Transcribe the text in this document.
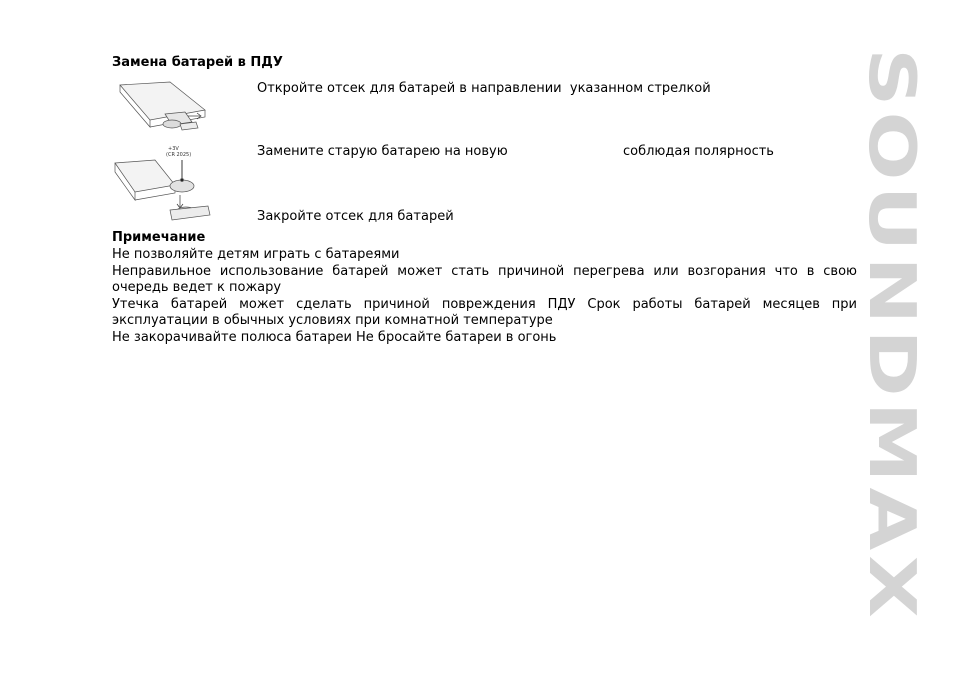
Замена батарей в ПДУ
+3V
(CR 2025)
Откройте отсек для батарей в направлении  указанном стрелкой
Замените старую батарею на новую	соблюдая полярность
Закройте отсек для батарей
Примечание

Не позволяйте детям играть с батареями

Неправильное использование батарей может стать причиной перегрева или возгорания что в свою очередь ведет к пожару

Утечка батарей может сделать причиной повреждения ПДУ Срок работы батарей месяцев при эксплуатации в обычных условиях при комнатной температуре

Не закорачивайте полюса батареи Не бросайте батареи в огонь	SOUNDMAX
